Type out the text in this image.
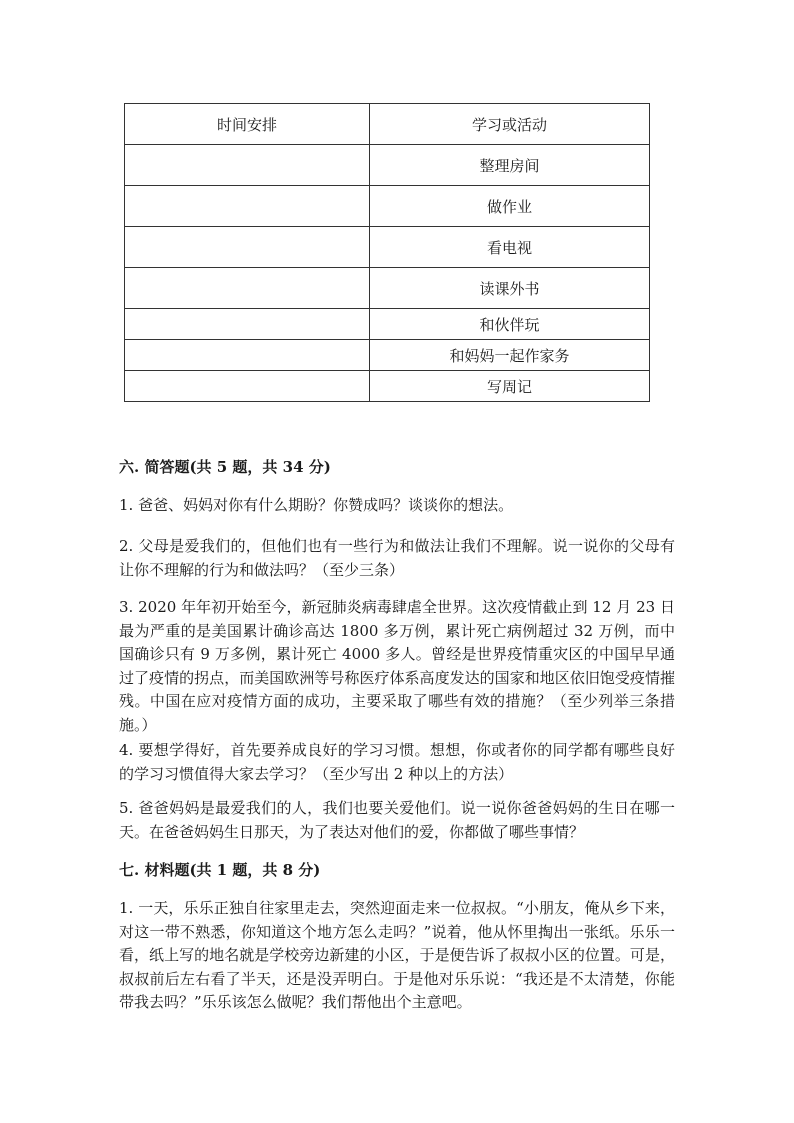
时间安排	学习或活动
	整理房间
	做作业
	看电视
	读课外书
	和伙伴玩
	和妈妈一起作家务
	写周记
六. 简答题(共 5 题，共 34 分)

1. 爸爸、妈妈对你有什么期盼？你赞成吗？谈谈你的想法。

2. 父母是爱我们的，但他们也有一些行为和做法让我们不理解。说一说你的父母有让你不理解的行为和做法吗？（至少三条）

3. 2020 年年初开始至今，新冠肺炎病毒肆虐全世界。这次疫情截止到 12 月 23 日最为严重的是美国累计确诊高达 1800 多万例，累计死亡病例超过 32 万例，而中国确诊只有 9 万多例，累计死亡 4000 多人。曾经是世界疫情重灾区的中国早早通过了疫情的拐点，而美国欧洲等号称医疗体系高度发达的国家和地区依旧饱受疫情摧残。中国在应对疫情方面的成功，主要采取了哪些有效的措施？（至少列举三条措施。）

4. 要想学得好，首先要养成良好的学习习惯。想想，你或者你的同学都有哪些良好的学习习惯值得大家去学习？（至少写出 2 种以上的方法）

5. 爸爸妈妈是最爱我们的人，我们也要关爱他们。说一说你爸爸妈妈的生日在哪一天。在爸爸妈妈生日那天，为了表达对他们的爱，你都做了哪些事情？

七. 材料题(共 1 题，共 8 分)

1. 一天，乐乐正独自往家里走去，突然迎面走来一位叔叔。“小朋友，俺从乡下来，对这一带不熟悉，你知道这个地方怎么走吗？”说着，他从怀里掏出一张纸。乐乐一看，纸上写的地名就是学校旁边新建的小区，于是便告诉了叔叔小区的位置。可是，叔叔前后左右看了半天，还是没弄明白。于是他对乐乐说：“我还是不太清楚，你能带我去吗？”乐乐该怎么做呢？我们帮他出个主意吧。
